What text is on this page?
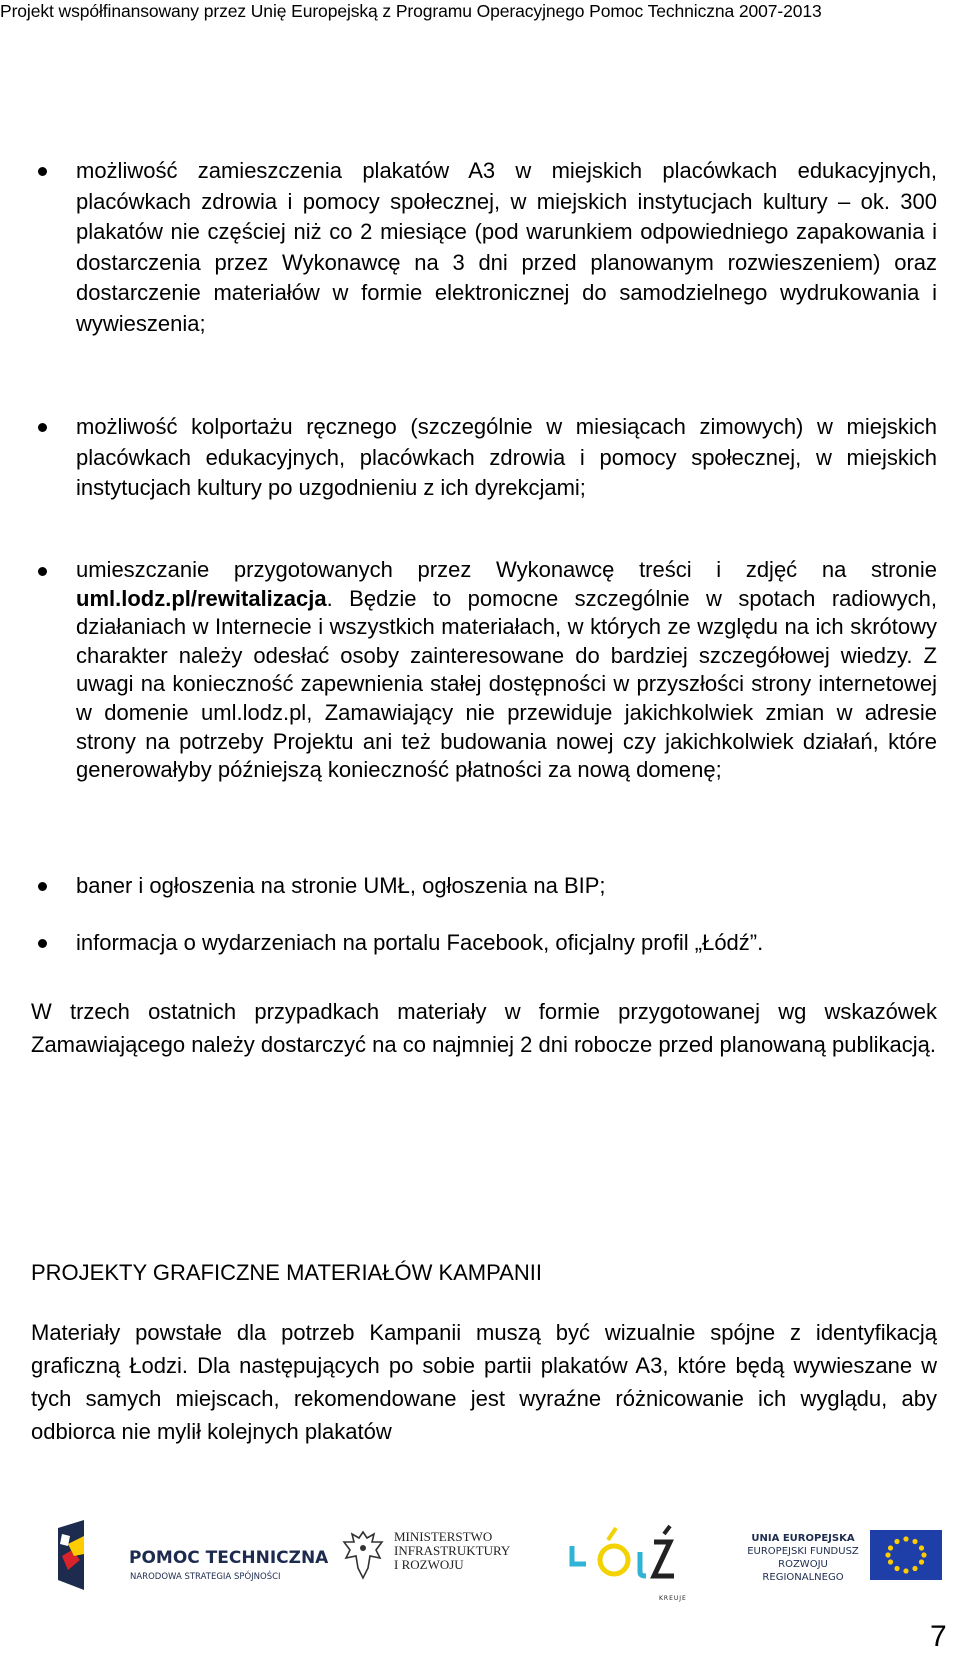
Projekt współfinansowany przez Unię Europejską z Programu Operacyjnego Pomoc Techniczna 2007-2013
możliwość zamieszczenia plakatów A3 w miejskich placówkach edukacyjnych, placówkach zdrowia i pomocy społecznej, w miejskich instytucjach kultury – ok. 300 plakatów nie częściej niż co 2 miesiące (pod warunkiem odpowiedniego zapakowania i dostarczenia przez Wykonawcę na 3 dni przed planowanym rozwieszeniem) oraz dostarczenie materiałów w formie elektronicznej do samodzielnego wydrukowania i wywieszenia;
możliwość kolportażu ręcznego (szczególnie w miesiącach zimowych) w miejskich placówkach edukacyjnych, placówkach zdrowia i pomocy społecznej, w miejskich instytucjach kultury po uzgodnieniu z ich dyrekcjami;
umieszczanie przygotowanych przez Wykonawcę treści i zdjęć na stronie uml.lodz.pl/rewitalizacja. Będzie to pomocne szczególnie w spotach radiowych, działaniach w Internecie i wszystkich materiałach, w których ze względu na ich skrótowy charakter należy odesłać osoby zainteresowane do bardziej szczegółowej wiedzy. Z uwagi na konieczność zapewnienia stałej dostępności w przyszłości strony internetowej w domenie uml.lodz.pl, Zamawiający nie przewiduje jakichkolwiek zmian w adresie strony na potrzeby Projektu ani też budowania nowej czy jakichkolwiek działań, które generowałyby późniejszą konieczność płatności za nową domenę;
baner i ogłoszenia na stronie UMŁ, ogłoszenia na BIP;
informacja o wydarzeniach na portalu Facebook, oficjalny profil „Łódź”.

W trzech ostatnich przypadkach materiały w formie przygotowanej wg wskazówek Zamawiającego należy dostarczyć na co najmniej 2 dni robocze przed planowaną publikacją.

PROJEKTY GRAFICZNE MATERIAŁÓW KAMPANII

Materiały powstałe dla potrzeb Kampanii muszą być wizualnie spójne z identyfikacją graficzną Łodzi. Dla następujących po sobie partii plakatów A3, które będą wywieszane w tych samych miejscach, rekomendowane jest wyraźne różnicowanie ich wyglądu, aby odbiorca nie mylił kolejnych plakatów

POMOC TECHNICZNA
NARODOWA STRATEGIA SPÓJNOŚCI
MINISTERSTWO
INFRASTRUKTURY
I ROZWOJU
KREUJE
UNIA EUROPEJSKA
EUROPEJSKI FUNDUSZ
ROZWOJU REGIONALNEGO
7
